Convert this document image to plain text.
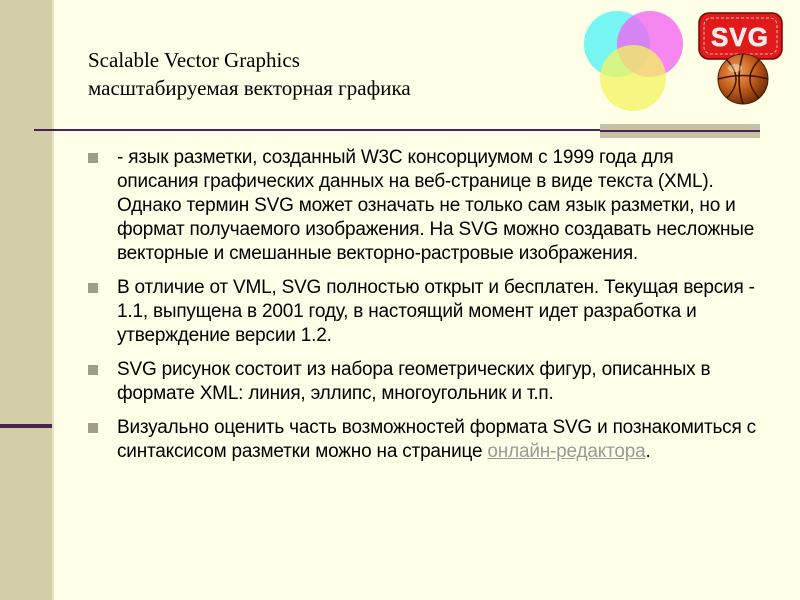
Scalable Vector Graphics
масштабируемая векторная графика
SVG
- язык разметки, созданный W3C консорциумом с 1999 года для описания графических данных на веб-странице в виде текста (XML). Однако термин SVG может означать не только сам язык разметки, но и формат получаемого изображения. На SVG можно создавать несложные векторные и смешанные векторно-растровые изображения.
В отличие от VML, SVG полностью открыт и бесплатен. Текущая версия - 1.1, выпущена в 2001 году, в настоящий момент идет разработка и утверждение версии 1.2.
SVG рисунок состоит из набора геометрических фигур, описанных в формате XML: линия, эллипс, многоугольник и т.п.
Визуально оценить часть возможностей формата SVG и познакомиться с синтаксисом разметки можно на странице онлайн-редактора.
